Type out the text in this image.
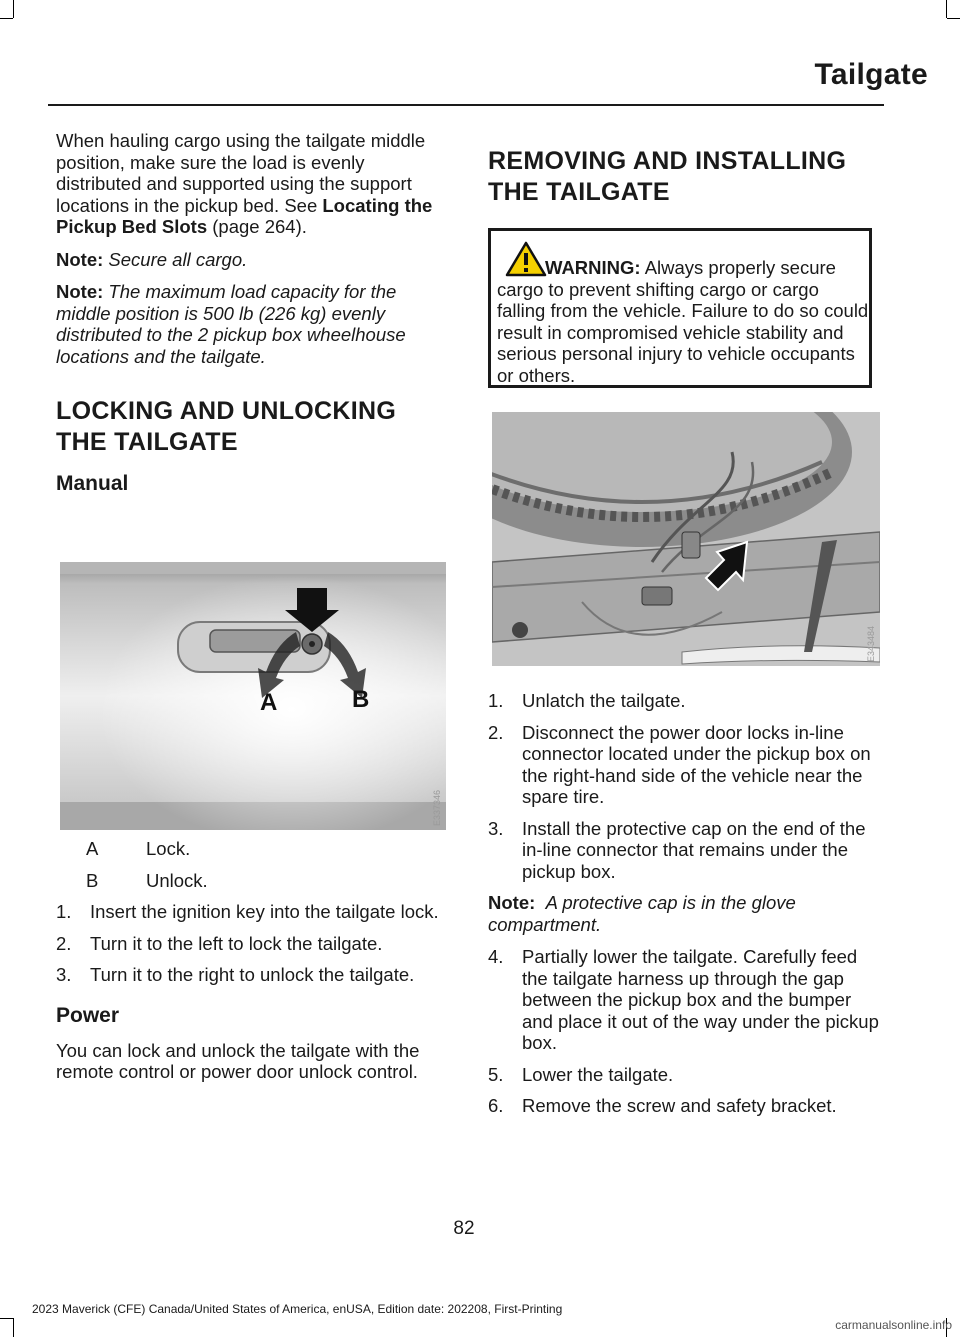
Tailgate

When hauling cargo using the tailgate middle position, make sure the load is evenly distributed and supported using the support locations in the pickup bed. See Locating the Pickup Bed Slots (page 264).

Note: Secure all cargo.

Note: The maximum load capacity for the middle position is 500 lb (226 kg) evenly distributed to the 2 pickup box wheelhouse locations and the tailgate.

LOCKING AND UNLOCKING
THE TAILGATE
Manual
A	B
E337346
A	Lock.
B	Unlock.
1.	Insert the ignition key into the tailgate lock.
2.	Turn it to the left to lock the tailgate.
3.	Turn it to the right to unlock the tailgate.
Power

You can lock and unlock the tailgate with the remote control or power door unlock control.

REMOVING AND INSTALLING
THE TAILGATE

WARNING: Always properly secure cargo to prevent shifting cargo or cargo falling from the vehicle. Failure to do so could result in compromised vehicle stability and serious personal injury to vehicle occupants or others.

E343484
1.	Unlatch the tailgate.
2.	Disconnect the power door locks in-line connector located under the pickup box on the right-hand side of the vehicle near the spare tire.
3.	Install the protective cap on the end of the in-line connector that remains under the pickup box.

Note: A protective cap is in the glove compartment.

4.	Partially lower the tailgate. Carefully feed the tailgate harness up through the gap between the pickup box and the bumper and place it out of the way under the pickup box.
5.	Lower the tailgate.
6.	Remove the screw and safety bracket.
82
2023 Maverick (CFE) Canada/United States of America, enUSA, Edition date: 202208, First-Printing
carmanualsonline.info
